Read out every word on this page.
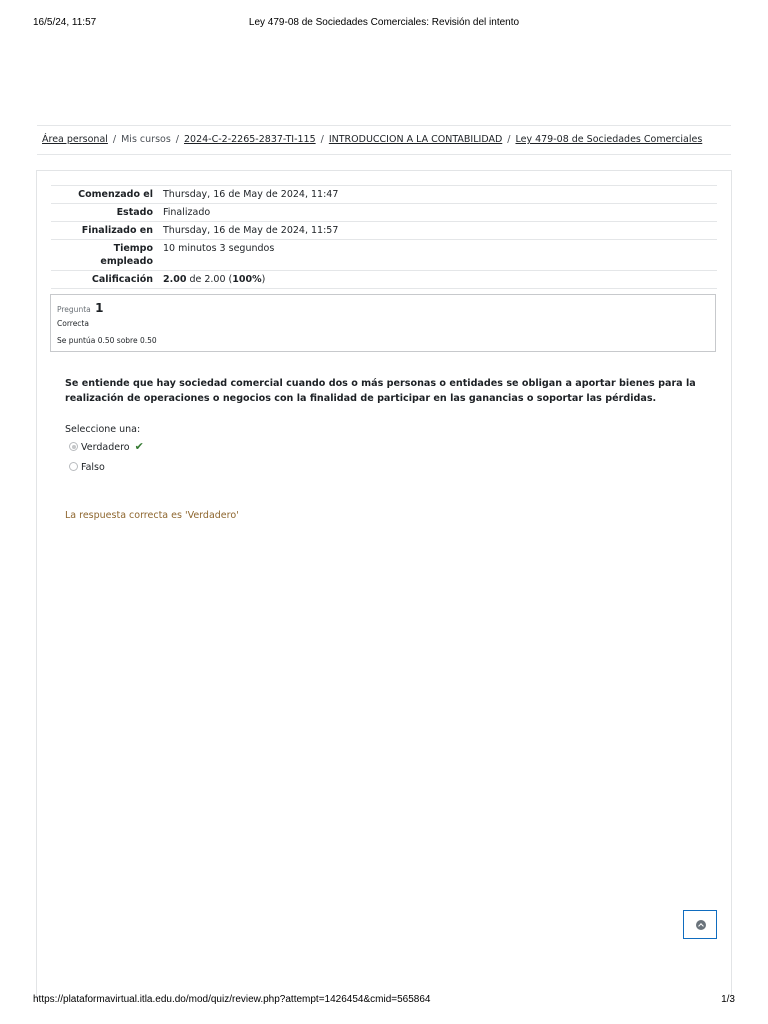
16/5/24, 11:57	Ley 479-08 de Sociedades Comerciales: Revisión del intento
Área personal / Mis cursos / 2024-C-2-2265-2837-TI-115 / INTRODUCCION A LA CONTABILIDAD / Ley 479-08 de Sociedades Comerciales
Comenzado el	Thursday, 16 de May de 2024, 11:47
Estado	Finalizado
Finalizado en	Thursday, 16 de May de 2024, 11:57
Tiempo
empleado	10 minutos 3 segundos
Calificación	2.00 de 2.00 (100%)
Pregunta 1
Correcta
Se puntúa 0.50 sobre 0.50
Se entiende que hay sociedad comercial cuando dos o más personas o entidades se obligan a aportar bienes para la realización de operaciones o negocios con la finalidad de participar en las ganancias o soportar las pérdidas.
Seleccione una:
Verdadero ✔
Falso
La respuesta correcta es 'Verdadero'
https://plataformavirtual.itla.edu.do/mod/quiz/review.php?attempt=1426454&cmid=565864	1/3
